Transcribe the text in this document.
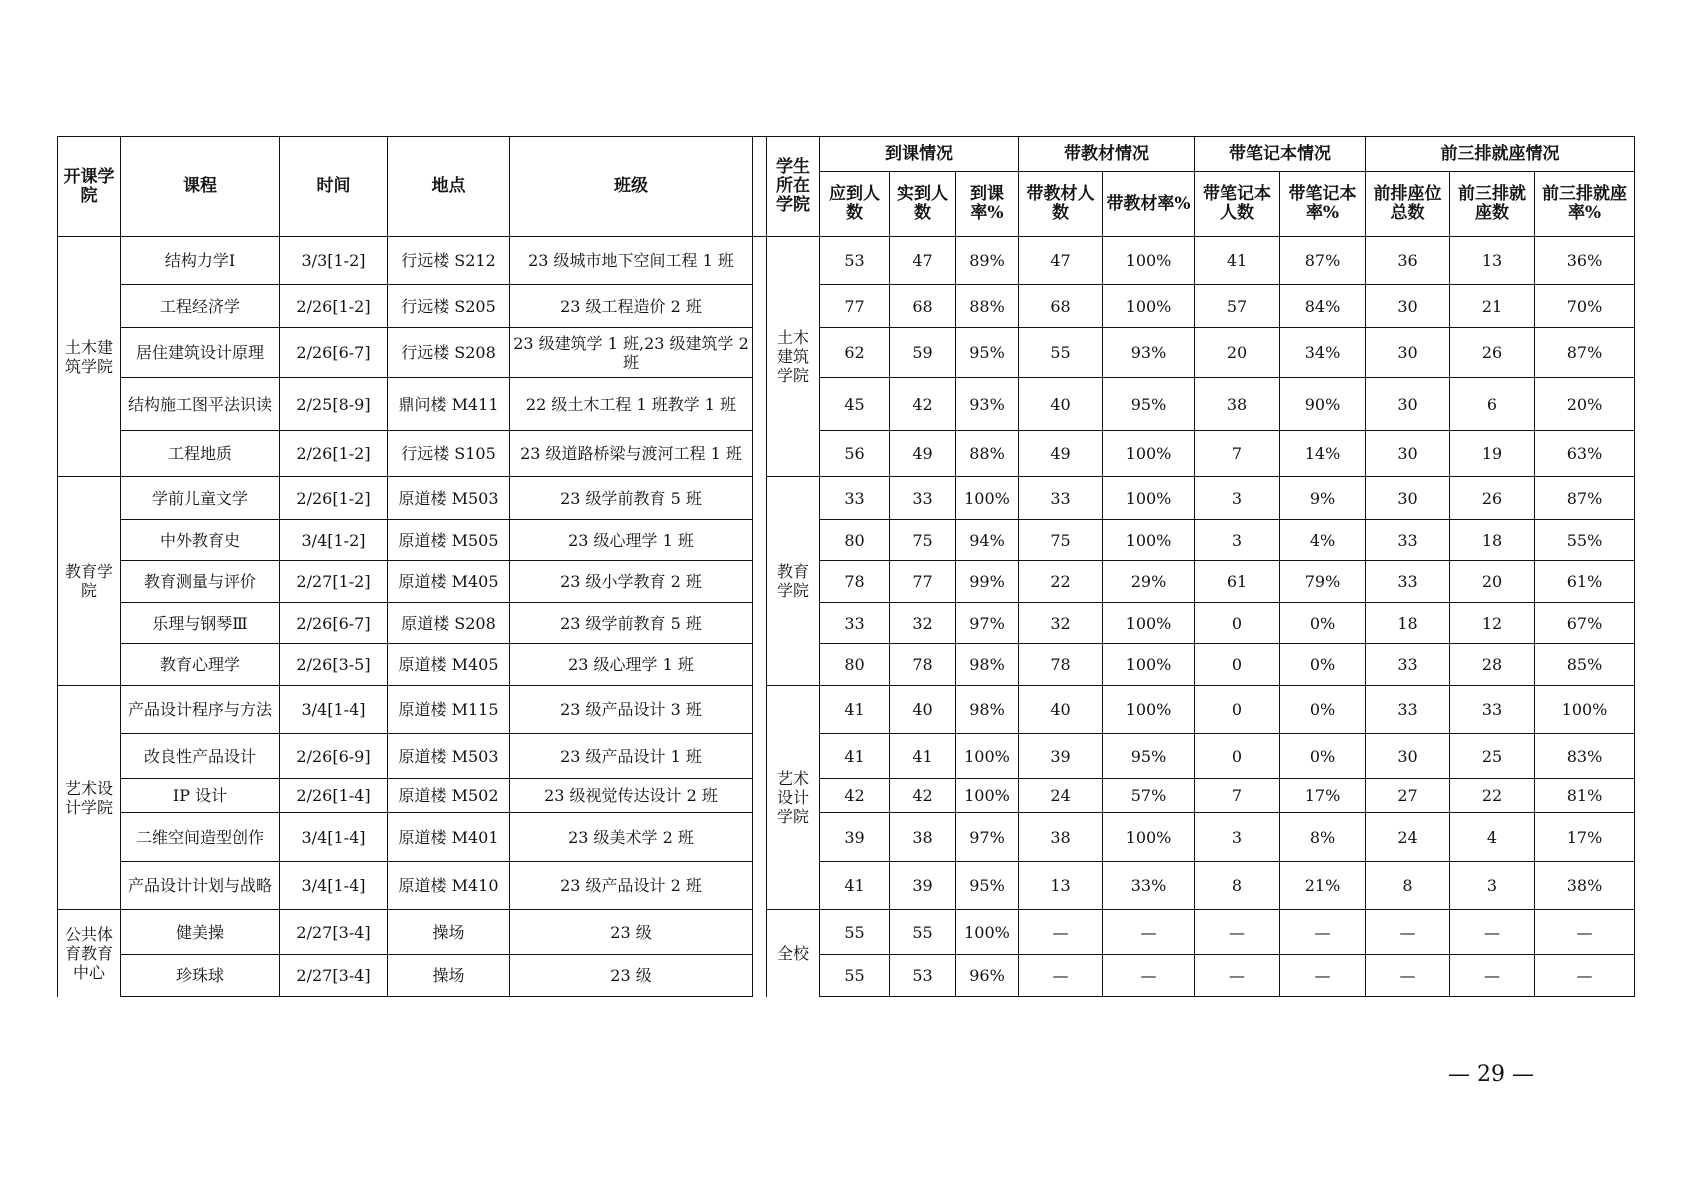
开课学院	课程	时间	地点	班级		学生所在学院	到课情况			带教材情况		带笔记本情况		前三排就座情况		
							应到人数	实到人数	到课率%	带教材人数	带教材率%	带笔记本人数	带笔记本率%	前排座位总数	前三排就座数	前三排就座率%
土木建筑学院	结构力学Ⅰ	3/3[1-2]	行远楼 S212	23 级城市地下空间工程 1 班		土木建筑学院	53	47	89%	47	100%	41	87%	36	13	36%
	工程经济学	2/26[1-2]	行远楼 S205	23 级工程造价 2 班			77	68	88%	68	100%	57	84%	30	21	70%
	居住建筑设计原理	2/26[6-7]	行远楼 S208	23 级建筑学 1 班,23 级建筑学 2 班			62	59	95%	55	93%	20	34%	30	26	87%
	结构施工图平法识读	2/25[8-9]	鼎问楼 M411	22 级土木工程 1 班教学 1 班			45	42	93%	40	95%	38	90%	30	6	20%
	工程地质	2/26[1-2]	行远楼 S105	23 级道路桥梁与渡河工程 1 班			56	49	88%	49	100%	7	14%	30	19	63%
教育学院	学前儿童文学	2/26[1-2]	原道楼 M503	23 级学前教育 5 班		教育学院	33	33	100%	33	100%	3	9%	30	26	87%
	中外教育史	3/4[1-2]	原道楼 M505	23 级心理学 1 班			80	75	94%	75	100%	3	4%	33	18	55%
	教育测量与评价	2/27[1-2]	原道楼 M405	23 级小学教育 2 班			78	77	99%	22	29%	61	79%	33	20	61%
	乐理与钢琴Ⅲ	2/26[6-7]	原道楼 S208	23 级学前教育 5 班			33	32	97%	32	100%	0	0%	18	12	67%
	教育心理学	2/26[3-5]	原道楼 M405	23 级心理学 1 班			80	78	98%	78	100%	0	0%	33	28	85%
艺术设计学院	产品设计程序与方法	3/4[1-4]	原道楼 M115	23 级产品设计 3 班		艺术设计学院	41	40	98%	40	100%	0	0%	33	33	100%
	改良性产品设计	2/26[6-9]	原道楼 M503	23 级产品设计 1 班			41	41	100%	39	95%	0	0%	30	25	83%
	IP 设计	2/26[1-4]	原道楼 M502	23 级视觉传达设计 2 班			42	42	100%	24	57%	7	17%	27	22	81%
	二维空间造型创作	3/4[1-4]	原道楼 M401	23 级美术学 2 班			39	38	97%	38	100%	3	8%	24	4	17%
	产品设计计划与战略	3/4[1-4]	原道楼 M410	23 级产品设计 2 班			41	39	95%	13	33%	8	21%	8	3	38%
公共体育教育中心	健美操	2/27[3-4]	操场	23 级		全校	55	55	100%	—	—	—	—	—	—	—
	珍珠球	2/27[3-4]	操场	23 级			55	53	96%	—	—	—	—	—	—	—
— 29 —
